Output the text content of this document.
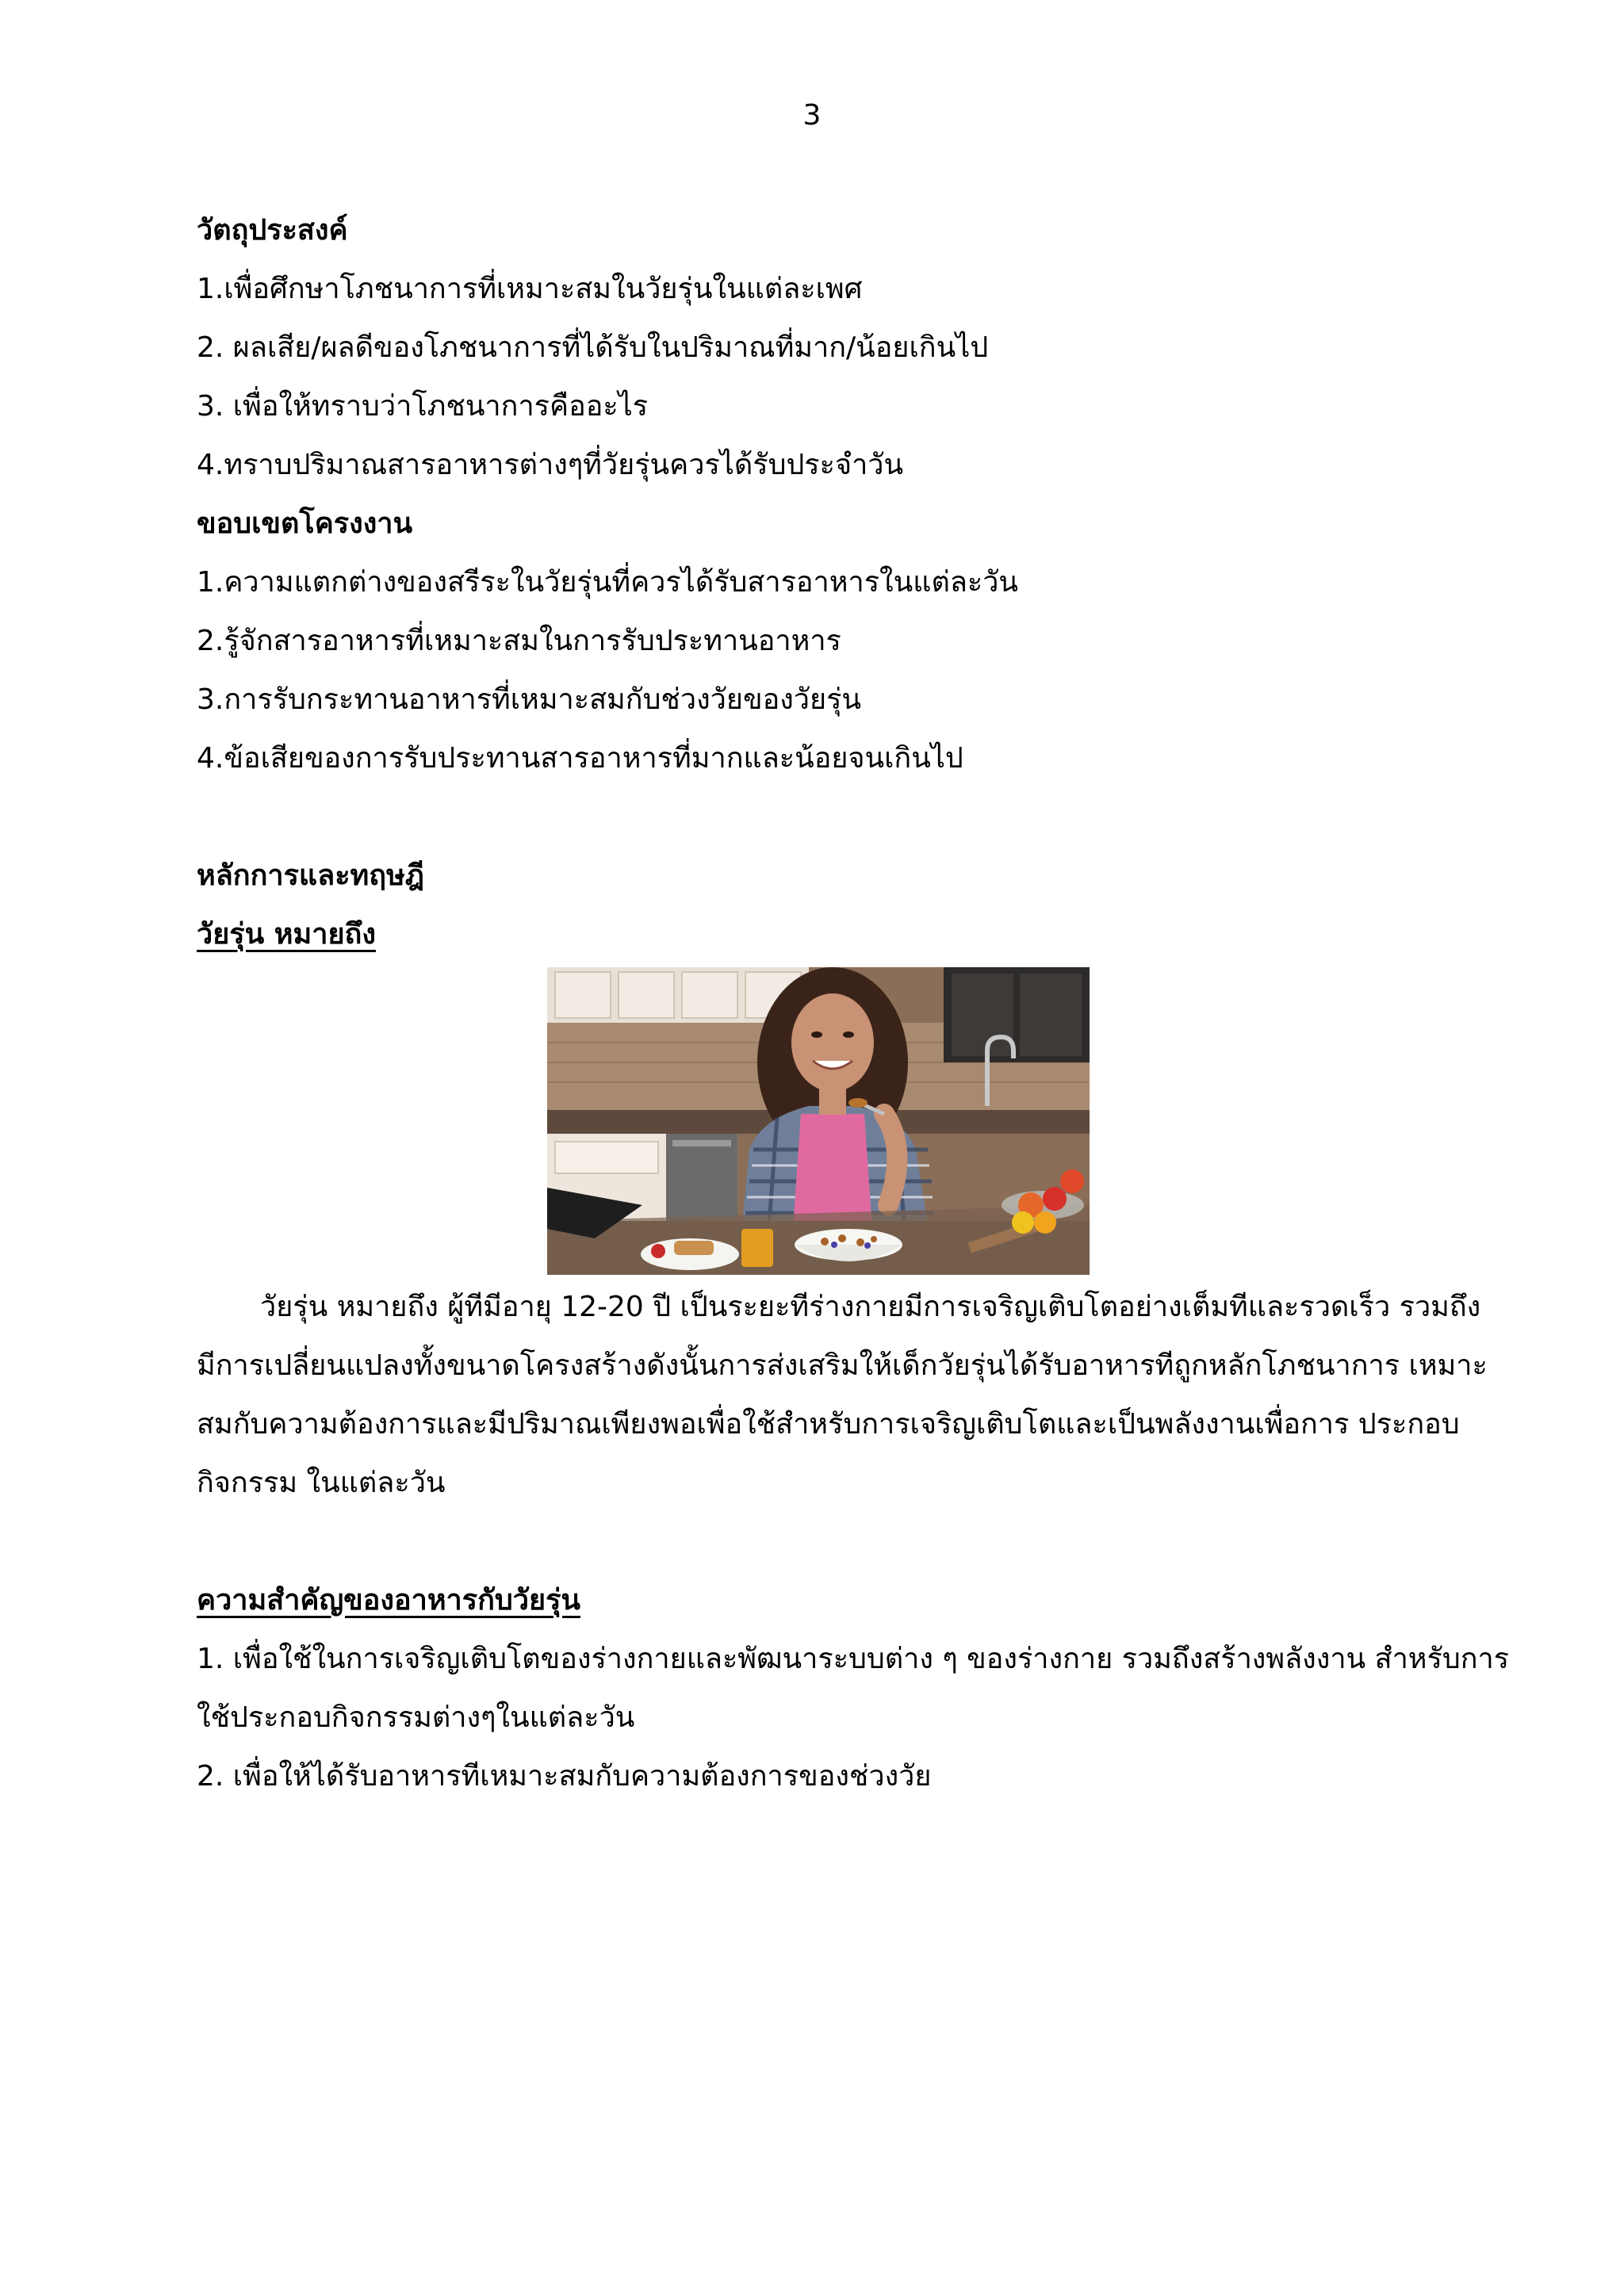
3
วัตถุประสงค์
1.เพื่อศึกษาโภชนาการที่เหมาะสมในวัยรุ่นในแต่ละเพศ
2. ผลเสีย/ผลดีของโภชนาการที่ได้รับในปริมาณที่มาก/น้อยเกินไป
3. เพื่อให้ทราบว่าโภชนาการคืออะไร
4.ทราบปริมาณสารอาหารต่างๆที่วัยรุ่นควรได้รับประจำวัน
ขอบเขตโครงงาน
1.ความแตกต่างของสรีระในวัยรุ่นที่ควรได้รับสารอาหารในแต่ละวัน
2.รู้จักสารอาหารที่เหมาะสมในการรับประทานอาหาร
3.การรับกระทานอาหารที่เหมาะสมกับช่วงวัยของวัยรุ่น
4.ข้อเสียของการรับประทานสารอาหารที่มากและน้อยจนเกินไป
หลักการและทฤษฎี
วัยรุ่น หมายถึง
วัยรุ่น หมายถึง ผู้ทีมีอายุ 12-20 ปี เป็นระยะทีร่างกายมีการเจริญเติบโตอย่างเต็มทีและรวดเร็ว รวมถึง
มีการเปลี่ยนแปลงทั้งขนาดโครงสร้างดังนั้นการส่งเสริมให้เด็กวัยรุ่นได้รับอาหารทีถูกหลักโภชนาการ เหมาะ
สมกับความต้องการและมีปริมาณเพียงพอเพื่อใช้สำหรับการเจริญเติบโตและเป็นพลังงานเพื่อการ ประกอบ
กิจกรรม ในแต่ละวัน
ความสำคัญของอาหารกับวัยรุ่น
1. เพื่อใช้ในการเจริญเติบโตของร่างกายและพัฒนาระบบต่าง ๆ ของร่างกาย รวมถึงสร้างพลังงาน สำหรับการ
ใช้ประกอบกิจกรรมต่างๆในแต่ละวัน
2. เพื่อให้ได้รับอาหารทีเหมาะสมกับความต้องการของช่วงวัย
